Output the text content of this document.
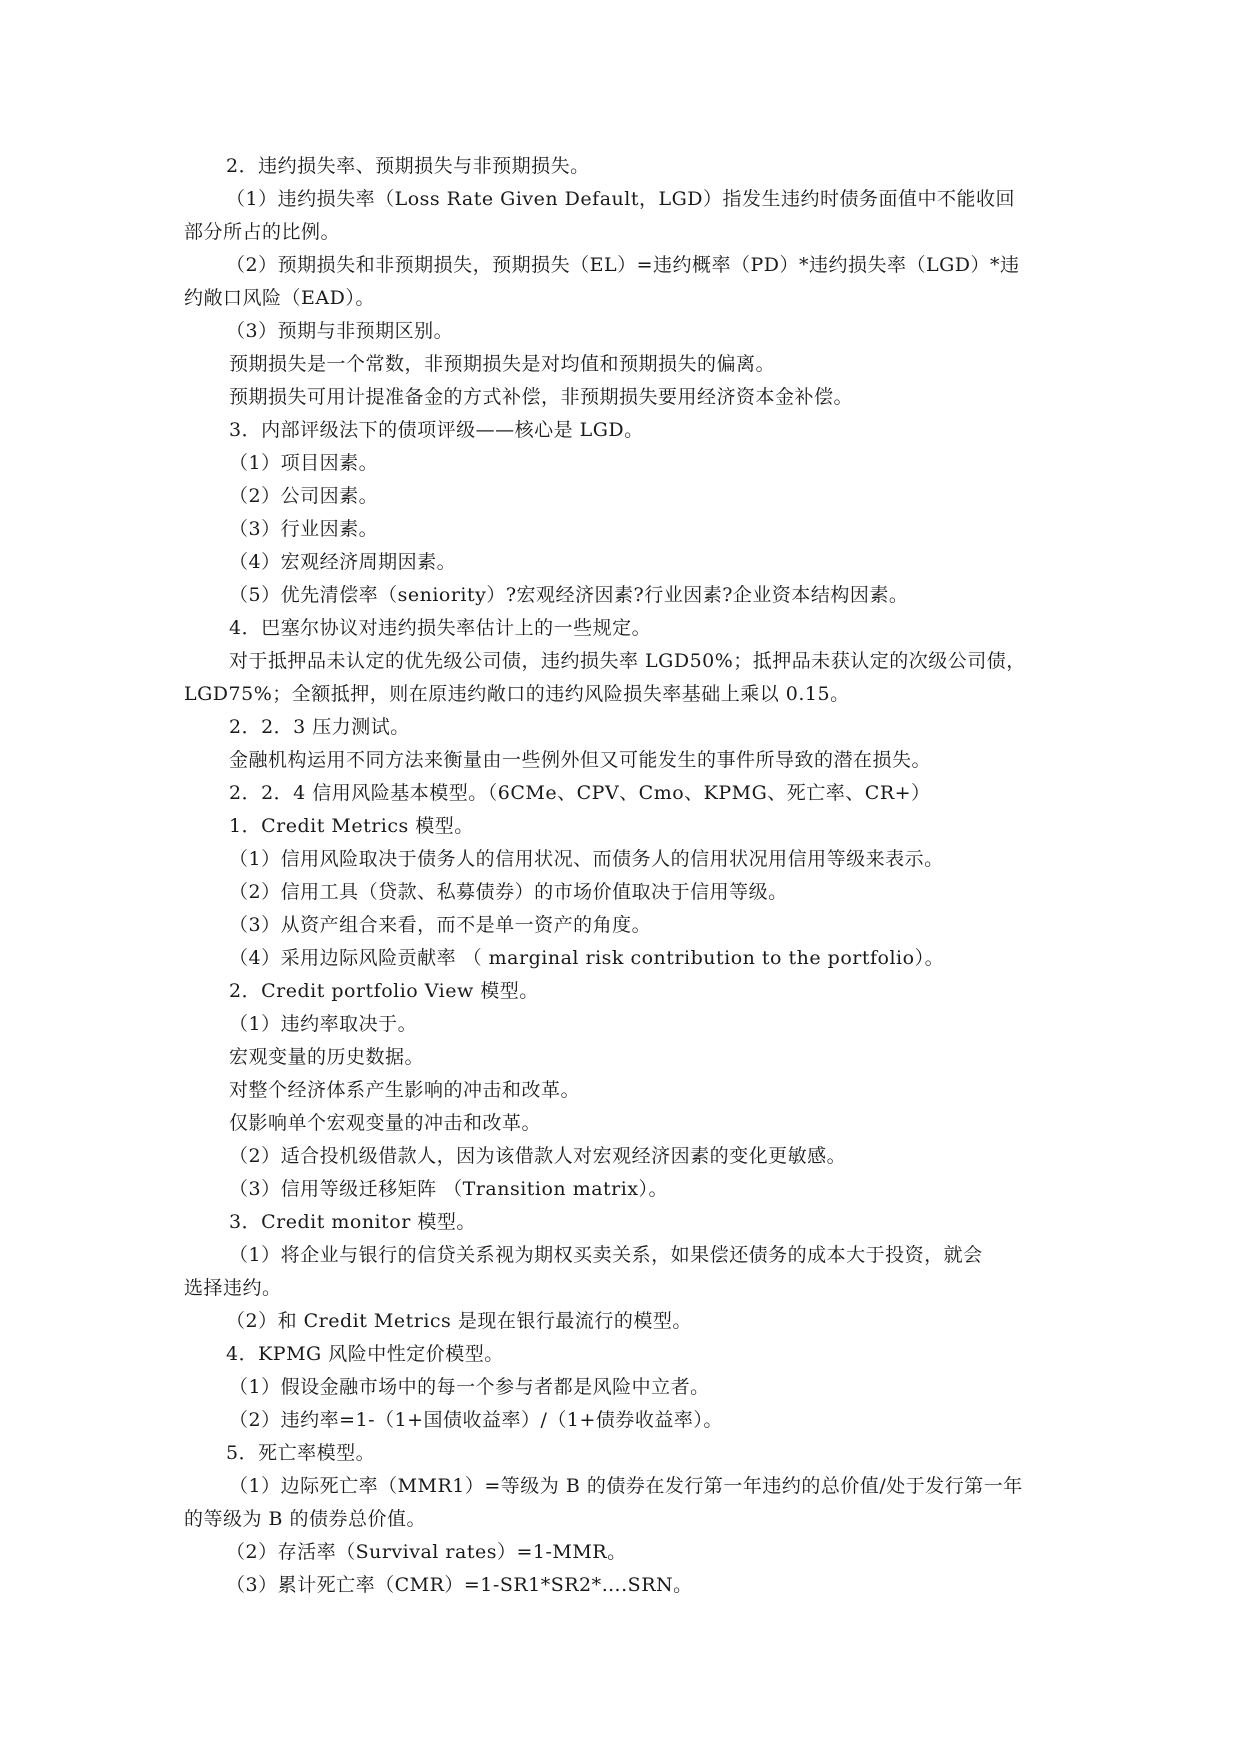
2．违约损失率、预期损失与非预期损失。
（1）违约损失率（Loss Rate Given Default，LGD）指发生违约时债务面值中不能收回
部分所占的比例。
（2）预期损失和非预期损失，预期损失（EL）=违约概率（PD）*违约损失率（LGD）*违
约敞口风险（EAD）。
（3）预期与非预期区别。
预期损失是一个常数，非预期损失是对均值和预期损失的偏离。
预期损失可用计提准备金的方式补偿，非预期损失要用经济资本金补偿。
3．内部评级法下的债项评级——核心是 LGD。
（1）项目因素。
（2）公司因素。
（3）行业因素。
（4）宏观经济周期因素。
（5）优先清偿率（seniority）?宏观经济因素?行业因素?企业资本结构因素。
4．巴塞尔协议对违约损失率估计上的一些规定。
对于抵押品未认定的优先级公司债，违约损失率 LGD50%；抵押品未获认定的次级公司债，
LGD75%；全额抵押，则在原违约敞口的违约风险损失率基础上乘以 0.15。
2．2．3 压力测试。
金融机构运用不同方法来衡量由一些例外但又可能发生的事件所导致的潜在损失。
2．2．4 信用风险基本模型。（6CMe、CPV、Cmo、KPMG、死亡率、CR+）
1．Credit Metrics 模型。
（1）信用风险取决于债务人的信用状况、而债务人的信用状况用信用等级来表示。
（2）信用工具（贷款、私募债券）的市场价值取决于信用等级。
（3）从资产组合来看，而不是单一资产的角度。
（4）采用边际风险贡献率 （ marginal risk contribution to the portfolio）。
2．Credit portfolio View 模型。
（1）违约率取决于。
宏观变量的历史数据。
对整个经济体系产生影响的冲击和改革。
仅影响单个宏观变量的冲击和改革。
（2）适合投机级借款人，因为该借款人对宏观经济因素的变化更敏感。
（3）信用等级迁移矩阵 （Transition matrix）。
3．Credit monitor 模型。
（1）将企业与银行的信贷关系视为期权买卖关系，如果偿还债务的成本大于投资，就会
选择违约。
（2）和 Credit Metrics 是现在银行最流行的模型。
4．KPMG 风险中性定价模型。
（1）假设金融市场中的每一个参与者都是风险中立者。
（2）违约率=1-（1+国债收益率）/（1+债券收益率）。
5．死亡率模型。
（1）边际死亡率（MMR1）=等级为 B 的债券在发行第一年违约的总价值/处于发行第一年
的等级为 B 的债券总价值。
（2）存活率（Survival rates）=1-MMR。
（3）累计死亡率（CMR）=1-SR1*SR2*….SRN。
